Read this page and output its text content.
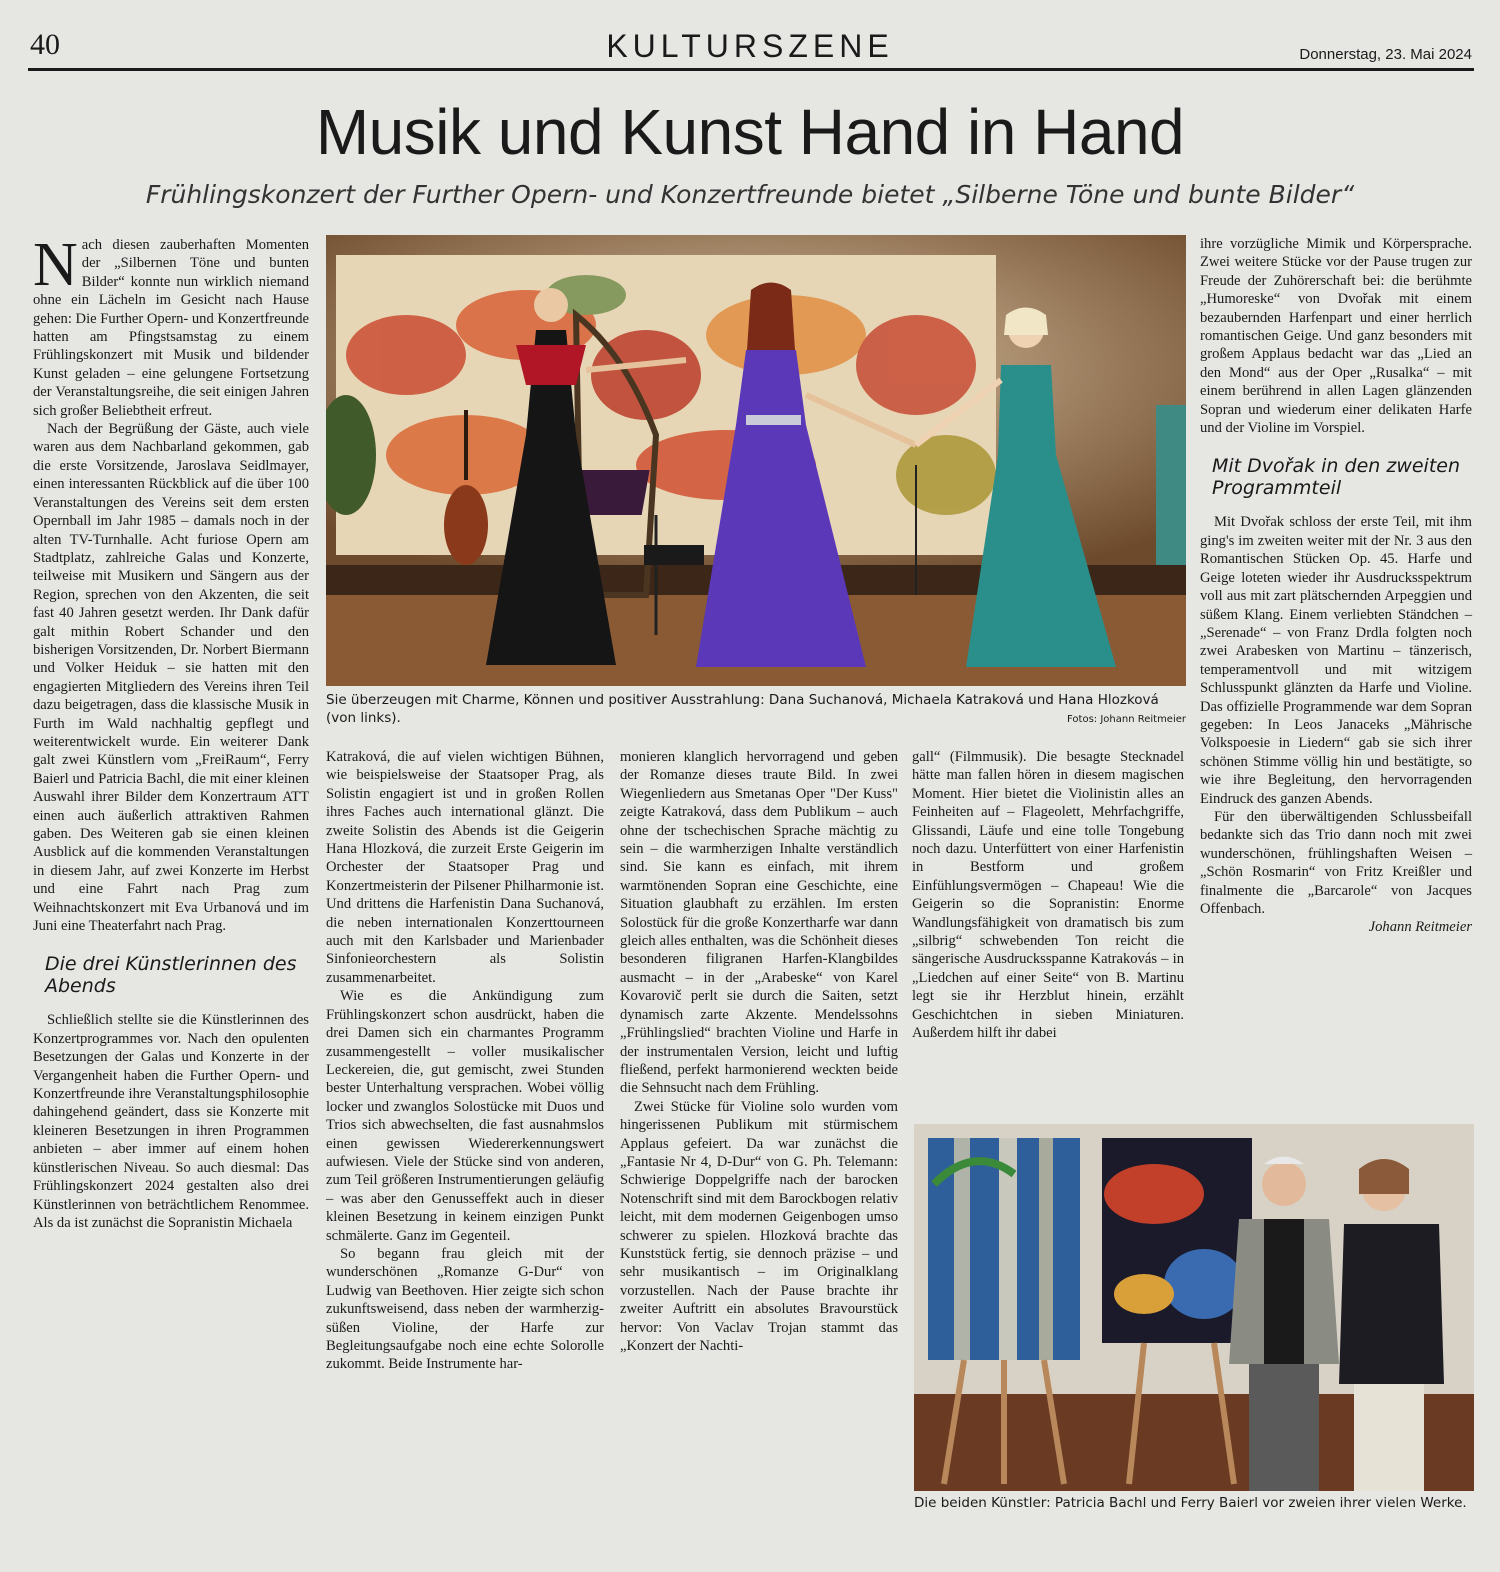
40	KULTURSZENE	Donnerstag, 23. Mai 2024
Musik und Kunst Hand in Hand
Frühlingskonzert der Further Opern- und Konzertfreunde bietet „Silberne Töne und bunte Bilder“

Nach diesen zauberhaften Momenten der „Silbernen Töne und bunten Bilder“ konnte nun wirklich niemand ohne ein Lächeln im Gesicht nach Hause gehen: Die Further Opern- und Konzertfreunde hatten am Pfingstsamstag zu einem Frühlingskonzert mit Musik und bildender Kunst geladen – eine gelungene Fortsetzung der Veranstaltungsreihe, die seit einigen Jahren sich großer Beliebtheit erfreut.

Nach der Begrüßung der Gäste, auch viele waren aus dem Nachbarland gekommen, gab die erste Vorsitzende, Jaroslava Seidlmayer, einen interessanten Rückblick auf die über 100 Veranstaltungen des Vereins seit dem ersten Opernball im Jahr 1985 – damals noch in der alten TV-Turnhalle. Acht furiose Opern am Stadtplatz, zahlreiche Galas und Konzerte, teilweise mit Musikern und Sängern aus der Region, sprechen von den Akzenten, die seit fast 40 Jahren gesetzt werden. Ihr Dank dafür galt mithin Robert Schander und den bisherigen Vorsitzenden, Dr. Norbert Biermann und Volker Heiduk – sie hatten mit den engagierten Mitgliedern des Vereins ihren Teil dazu beigetragen, dass die klassische Musik in Furth im Wald nachhaltig gepflegt und weiterentwickelt wurde. Ein weiterer Dank galt zwei Künstlern vom „FreiRaum“, Ferry Baierl und Patricia Bachl, die mit einer kleinen Auswahl ihrer Bilder dem Konzertraum ATT einen auch äußerlich attraktiven Rahmen gaben. Des Weiteren gab sie einen kleinen Ausblick auf die kommenden Veranstaltungen in diesem Jahr, auf zwei Konzerte im Herbst und eine Fahrt nach Prag zum Weihnachtskonzert mit Eva Urbanová und im Juni eine Theaterfahrt nach Prag.

Die drei Künstlerinnen des Abends

Schließlich stellte sie die Künstlerinnen des Konzertprogrammes vor. Nach den opulenten Besetzungen der Galas und Konzerte in der Vergangenheit haben die Further Opern- und Konzertfreunde ihre Veranstaltungsphilosophie dahingehend geändert, dass sie Konzerte mit kleineren Besetzungen in ihren Programmen anbieten – aber immer auf einem hohen künstlerischen Niveau. So auch diesmal: Das Frühlingskonzert 2024 gestalten also drei Künstlerinnen von beträchtlichem Renommee. Als da ist zunächst die Sopranistin Michaela

Sie überzeugen mit Charme, Können und positiver Ausstrahlung: Dana Suchanová, Michaela Katraková und Hana Hlozková (von links).	Fotos: Johann Reitmeier

Katraková, die auf vielen wichtigen Bühnen, wie beispielsweise der Staatsoper Prag, als Solistin engagiert ist und in großen Rollen ihres Faches auch international glänzt. Die zweite Solistin des Abends ist die Geigerin Hana Hlozková, die zurzeit Erste Geigerin im Orchester der Staatsoper Prag und Konzertmeisterin der Pilsener Philharmonie ist. Und drittens die Harfenistin Dana Suchanová, die neben internationalen Konzerttourneen auch mit den Karlsbader und Marienbader Sinfonieorchestern als Solistin zusammenarbeitet.

Wie es die Ankündigung zum Frühlingskonzert schon ausdrückt, haben die drei Damen sich ein charmantes Programm zusammengestellt – voller musikalischer Leckereien, die, gut gemischt, zwei Stunden bester Unterhaltung versprachen. Wobei völlig locker und zwanglos Solostücke mit Duos und Trios sich abwechselten, die fast ausnahmslos einen gewissen Wiedererkennungswert aufwiesen. Viele der Stücke sind von anderen, zum Teil größeren Instrumentierungen geläufig – was aber den Genusseffekt auch in dieser kleinen Besetzung in keinem einzigen Punkt schmälerte. Ganz im Gegenteil.

So begann frau gleich mit der wunderschönen „Romanze G-Dur“ von Ludwig van Beethoven. Hier zeigte sich schon zukunftsweisend, dass neben der warmherzig-süßen Violine, der Harfe zur Begleitungsaufgabe noch eine echte Solorolle zukommt. Beide Instrumente har-

monieren klanglich hervorragend und geben der Romanze dieses traute Bild. In zwei Wiegenliedern aus Smetanas Oper "Der Kuss" zeigte Katraková, dass dem Publikum – auch ohne der tschechischen Sprache mächtig zu sein – die warmherzigen Inhalte verständlich sind. Sie kann es einfach, mit ihrem warmtönenden Sopran eine Geschichte, eine Situation glaubhaft zu erzählen. Im ersten Solostück für die große Konzertharfe war dann gleich alles enthalten, was die Schönheit dieses besonderen filigranen Harfen-Klangbildes ausmacht – in der „Arabeske“ von Karel Kovarovič perlt sie durch die Saiten, setzt dynamisch zarte Akzente. Mendelssohns „Frühlingslied“ brachten Violine und Harfe in der instrumentalen Version, leicht und luftig fließend, perfekt harmonierend weckten beide die Sehnsucht nach dem Frühling.

Zwei Stücke für Violine solo wurden vom hingerissenen Publikum mit stürmischem Applaus gefeiert. Da war zunächst die „Fantasie Nr 4, D-Dur“ von G. Ph. Telemann: Schwierige Doppelgriffe nach der barocken Notenschrift sind mit dem Barockbogen relativ leicht, mit dem modernen Geigenbogen umso schwerer zu spielen. Hlozková brachte das Kunststück fertig, sie dennoch präzise – und sehr musikantisch – im Originalklang vorzustellen. Nach der Pause brachte ihr zweiter Auftritt ein absolutes Bravourstück hervor: Von Vaclav Trojan stammt das „Konzert der Nachti-

gall“ (Filmmusik). Die besagte Stecknadel hätte man fallen hören in diesem magischen Moment. Hier bietet die Violinistin alles an Feinheiten auf – Flageolett, Mehrfachgriffe, Glissandi, Läufe und eine tolle Tongebung noch dazu. Unterfüttert von einer Harfenistin in Bestform und großem Einfühlungsvermögen – Chapeau! Wie die Geigerin so die Sopranistin: Enorme Wandlungsfähigkeit von dramatisch bis zum „silbrig“ schwebenden Ton reicht die sängerische Ausdrucksspanne Katrakovás – in „Liedchen auf einer Seite“ von B. Martinu legt sie ihr Herzblut hinein, erzählt Geschichtchen in sieben Miniaturen. Außerdem hilft ihr dabei

ihre vorzügliche Mimik und Körpersprache. Zwei weitere Stücke vor der Pause trugen zur Freude der Zuhörerschaft bei: die berühmte „Humoreske“ von Dvořak mit einem bezaubernden Harfenpart und einer herrlich romantischen Geige. Und ganz besonders mit großem Applaus bedacht war das „Lied an den Mond“ aus der Oper „Rusalka“ – mit einem berührend in allen Lagen glänzenden Sopran und wiederum einer delikaten Harfe und der Violine im Vorspiel.

Mit Dvořak in den zweiten Programmteil

Mit Dvořak schloss der erste Teil, mit ihm ging's im zweiten weiter mit der Nr. 3 aus den Romantischen Stücken Op. 45. Harfe und Geige loteten wieder ihr Ausdrucksspektrum voll aus mit zart plätschernden Arpeggien und süßem Klang. Einem verliebten Ständchen – „Serenade“ – von Franz Drdla folgten noch zwei Arabesken von Martinu – tänzerisch, temperamentvoll und mit witzigem Schlusspunkt glänzten da Harfe und Violine. Das offizielle Programmende war dem Sopran gegeben: In Leos Janaceks „Mährische Volkspoesie in Liedern“ gab sie sich ihrer schönen Stimme völlig hin und bestätigte, so wie ihre Begleitung, den hervorragenden Eindruck des ganzen Abends.

Für den überwältigenden Schlussbeifall bedankte sich das Trio dann noch mit zwei wunderschönen, frühlingshaften Weisen – „Schön Rosmarin“ von Fritz Kreißler und finalmente die „Barcarole“ von Jacques Offenbach.

Johann Reitmeier
Die beiden Künstler: Patricia Bachl und Ferry Baierl vor zweien ihrer vielen Werke.
